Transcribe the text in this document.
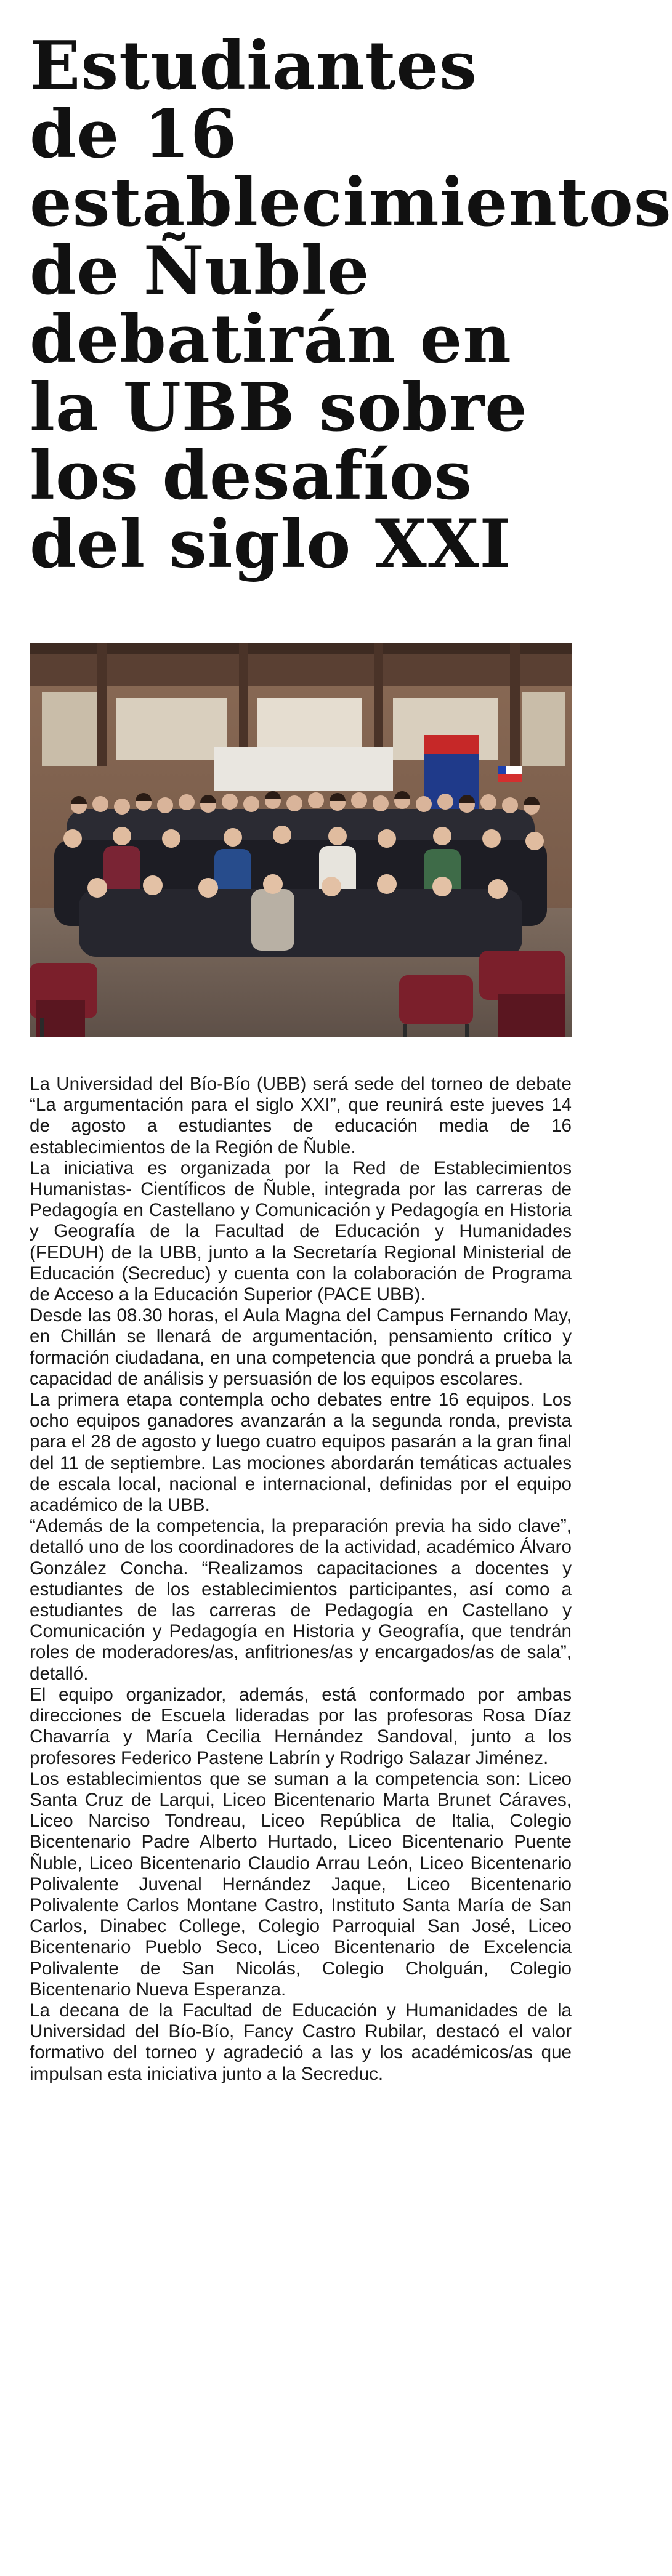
Estudiantes
de 16
establecimientos
de Ñuble
debatirán en
la UBB sobre
los desafíos
del siglo XXI

La Universidad del Bío-Bío (UBB) será sede del torneo de debate “La argumentación para el siglo XXI”, que reunirá este jueves 14 de agosto a estudiantes de educación media de 16 establecimientos de la Región de Ñuble.

La iniciativa es organizada por la Red de Establecimientos Humanistas- Científicos de Ñuble, integrada por las carreras de Pedagogía en Castellano y Comunicación y Pedagogía en Historia y Geografía de la Facultad de Educación y Humanidades (FEDUH) de la UBB, junto a la Secretaría Regional Ministerial de Educación (Secreduc) y cuenta con la colaboración de Programa de Acceso a la Educación Superior (PACE UBB).

Desde las 08.30 horas, el Aula Magna del Campus Fernando May, en Chillán se llenará de argumentación, pensamiento crítico y formación ciudadana, en una competencia que pondrá a prueba la capacidad de análisis y persuasión de los equipos escolares.

La primera etapa contempla ocho debates entre 16 equipos. Los ocho equipos ganadores avanzarán a la segunda ronda, prevista para el 28 de agosto y luego cuatro equipos pasarán a la gran final del 11 de septiembre. Las mociones abordarán temáticas actuales de escala local, nacional e internacional, definidas por el equipo académico de la UBB.

“Además de la competencia, la preparación previa ha sido clave”, detalló uno de los coordinadores de la actividad, académico Álvaro González Concha. “Realizamos capacitaciones a docentes y estudiantes de los establecimientos participantes, así como a estudiantes de las carreras de Pedagogía en Castellano y Comunicación y Pedagogía en Historia y Geografía, que tendrán roles de moderadores/as, anfitriones/as y encargados/as de sala”, detalló.

El equipo organizador, además, está conformado por ambas direcciones de Escuela lideradas por las profesoras Rosa Díaz Chavarría y María Cecilia Hernández Sandoval, junto a los profesores Federico Pastene Labrín y Rodrigo Salazar Jiménez.

Los establecimientos que se suman a la competencia son: Liceo Santa Cruz de Larqui, Liceo Bicentenario Marta Brunet Cáraves, Liceo Narciso Tondreau, Liceo República de Italia, Colegio Bicentenario Padre Alberto Hurtado, Liceo Bicentenario Puente Ñuble, Liceo Bicentenario Claudio Arrau León, Liceo Bicentenario Polivalente Juvenal Hernández Jaque, Liceo Bicentenario Polivalente Carlos Montane Castro, Instituto Santa María de San Carlos, Dinabec College, Colegio Parroquial San José, Liceo Bicentenario Pueblo Seco, Liceo Bicentenario de Excelencia Polivalente de San Nicolás, Colegio Cholguán, Colegio Bicentenario Nueva Esperanza.

La decana de la Facultad de Educación y Humanidades de la Universidad del Bío-Bío, Fancy Castro Rubilar, destacó el valor formativo del torneo y agradeció a las y los académicos/as que impulsan esta iniciativa junto a la Secreduc.
